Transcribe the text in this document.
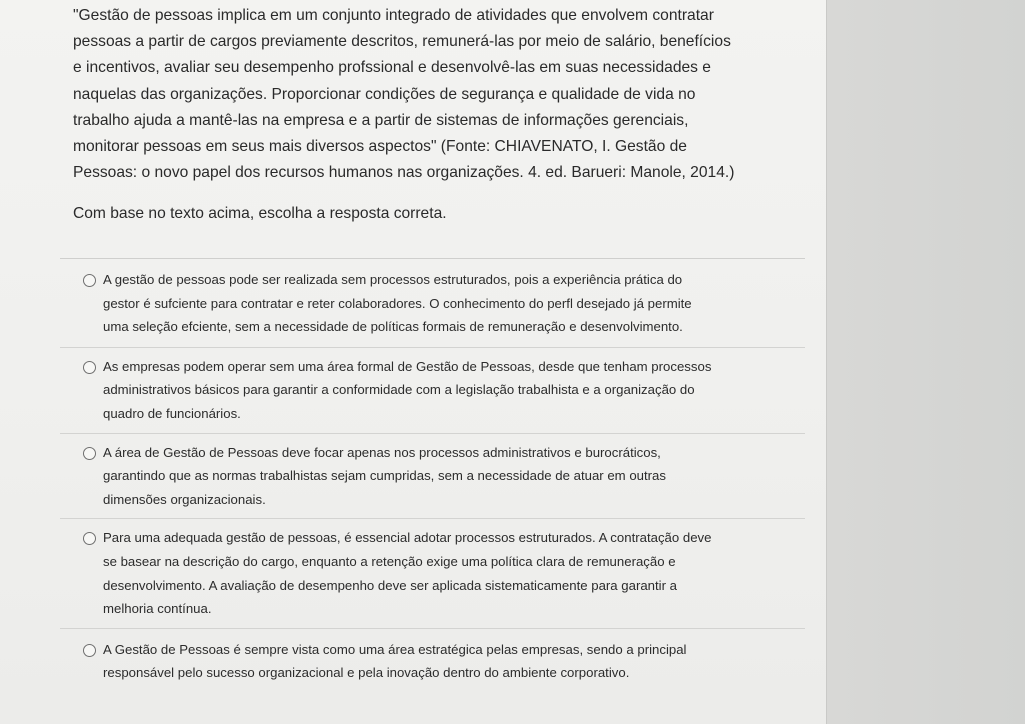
"Gestão de pessoas implica em um conjunto integrado de atividades que envolvem contratar

pessoas a partir de cargos previamente descritos, remunerá-las por meio de salário, benefícios

e incentivos, avaliar seu desempenho profssional e desenvolvê-las em suas necessidades e

naquelas das organizações. Proporcionar condições de segurança e qualidade de vida no

trabalho ajuda a mantê-las na empresa e a partir de sistemas de informações gerenciais,

monitorar pessoas em seus mais diversos aspectos" (Fonte: CHIAVENATO, I. Gestão de

Pessoas: o novo papel dos recursos humanos nas organizações. 4. ed. Barueri: Manole, 2014.)

Com base no texto acima, escolha a resposta correta.

A gestão de pessoas pode ser realizada sem processos estruturados, pois a experiência prática do
gestor é sufciente para contratar e reter colaboradores. O conhecimento do perfl desejado já permite
uma seleção efciente, sem a necessidade de políticas formais de remuneração e desenvolvimento.
As empresas podem operar sem uma área formal de Gestão de Pessoas, desde que tenham processos
administrativos básicos para garantir a conformidade com a legislação trabalhista e a organização do
quadro de funcionários.
A área de Gestão de Pessoas deve focar apenas nos processos administrativos e burocráticos,
garantindo que as normas trabalhistas sejam cumpridas, sem a necessidade de atuar em outras
dimensões organizacionais.
Para uma adequada gestão de pessoas, é essencial adotar processos estruturados. A contratação deve
se basear na descrição do cargo, enquanto a retenção exige uma política clara de remuneração e
desenvolvimento. A avaliação de desempenho deve ser aplicada sistematicamente para garantir a
melhoria contínua.
A Gestão de Pessoas é sempre vista como uma área estratégica pelas empresas, sendo a principal
responsável pelo sucesso organizacional e pela inovação dentro do ambiente corporativo.
